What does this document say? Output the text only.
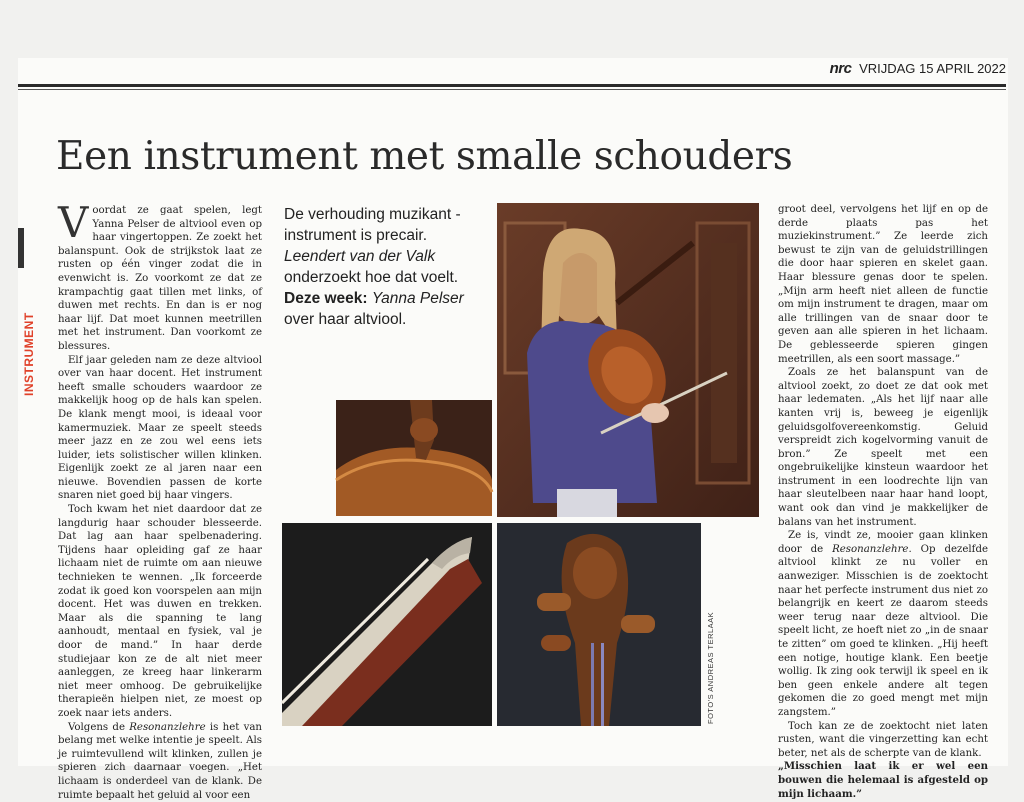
nrc VRIJDAG 15 APRIL 2022
Een instrument met smalle schouders
INSTRUMENT

Voordat ze gaat spelen, legt Yanna Pelser de altviool even op haar vingertoppen. Ze zoekt het balanspunt. Ook de strijkstok laat ze rusten op één vinger zodat die in evenwicht is. Zo voorkomt ze dat ze krampachtig gaat tillen met links, of duwen met rechts. En dan is er nog haar lijf. Dat moet kunnen meetrillen met het instrument. Dan voorkomt ze blessures.

Elf jaar geleden nam ze deze altviool over van haar docent. Het instrument heeft smalle schouders waardoor ze makkelijk hoog op de hals kan spelen. De klank mengt mooi, is ideaal voor kamermuziek. Maar ze speelt steeds meer jazz en ze zou wel eens iets luider, iets solistischer willen klinken. Eigenlijk zoekt ze al jaren naar een nieuwe. Bovendien passen de korte snaren niet goed bij haar vingers.

Toch kwam het niet daardoor dat ze langdurig haar schouder blesseerde. Dat lag aan haar spelbenadering. Tijdens haar opleiding gaf ze haar lichaam niet de ruimte om aan nieuwe technieken te wennen. „Ik forceerde zodat ik goed kon voorspelen aan mijn docent. Het was duwen en trekken. Maar als die spanning te lang aanhoudt, mentaal en fysiek, val je door de mand.” In haar derde studiejaar kon ze de alt niet meer aanleggen, ze kreeg haar linkerarm niet meer omhoog. De gebruikelijke therapieën hielpen niet, ze moest op zoek naar iets anders.

Volgens de Resonanzlehre is het van belang met welke intentie je speelt. Als je ruimtevullend wilt klinken, zullen je spieren zich daarnaar voegen. „Het lichaam is onderdeel van de klank. De ruimte bepaalt het geluid al voor een

De verhouding muzikant - instrument is precair. Leendert van der Valk onderzoekt hoe dat voelt. Deze week: Yanna Pelser over haar altviool.
FOTO'S ANDREAS TERLAAK

groot deel, vervolgens het lijf en op de derde plaats pas het muziekinstrument.” Ze leerde zich bewust te zijn van de geluidstrillingen die door haar spieren en skelet gaan. Haar blessure genas door te spelen. „Mijn arm heeft niet alleen de functie om mijn instrument te dragen, maar om alle trillingen van de snaar door te geven aan alle spieren in het lichaam. De geblesseerde spieren gingen meetrillen, als een soort massage.”

Zoals ze het balanspunt van de altviool zoekt, zo doet ze dat ook met haar ledematen. „Als het lijf naar alle kanten vrij is, beweeg je eigenlijk geluidsgolfovereenkomstig. Geluid verspreidt zich kogelvorming vanuit de bron.” Ze speelt met een ongebruikelijke kinsteun waardoor het instrument in een loodrechte lijn van haar sleutelbeen naar haar hand loopt, want ook dan vind je makkelijker de balans van het instrument.

Ze is, vindt ze, mooier gaan klinken door de Resonanzlehre. Op dezelfde altviool klinkt ze nu voller en aanweziger. Misschien is de zoektocht naar het perfecte instrument dus niet zo belangrijk en keert ze daarom steeds weer terug naar deze altviool. Die speelt licht, ze hoeft niet zo „in de snaar te zitten” om goed te klinken. „Hij heeft een notige, houtige klank. Een beetje wollig. Ik zing ook terwijl ik speel en ik ben geen enkele andere alt tegen gekomen die zo goed mengt met mijn zangstem.”

Toch kan ze de zoektocht niet laten rusten, want die vingerzetting kan echt beter, net als de scherpte van de klank.

„Misschien laat ik er wel een bouwen die helemaal is afgesteld op mijn lichaam.”
